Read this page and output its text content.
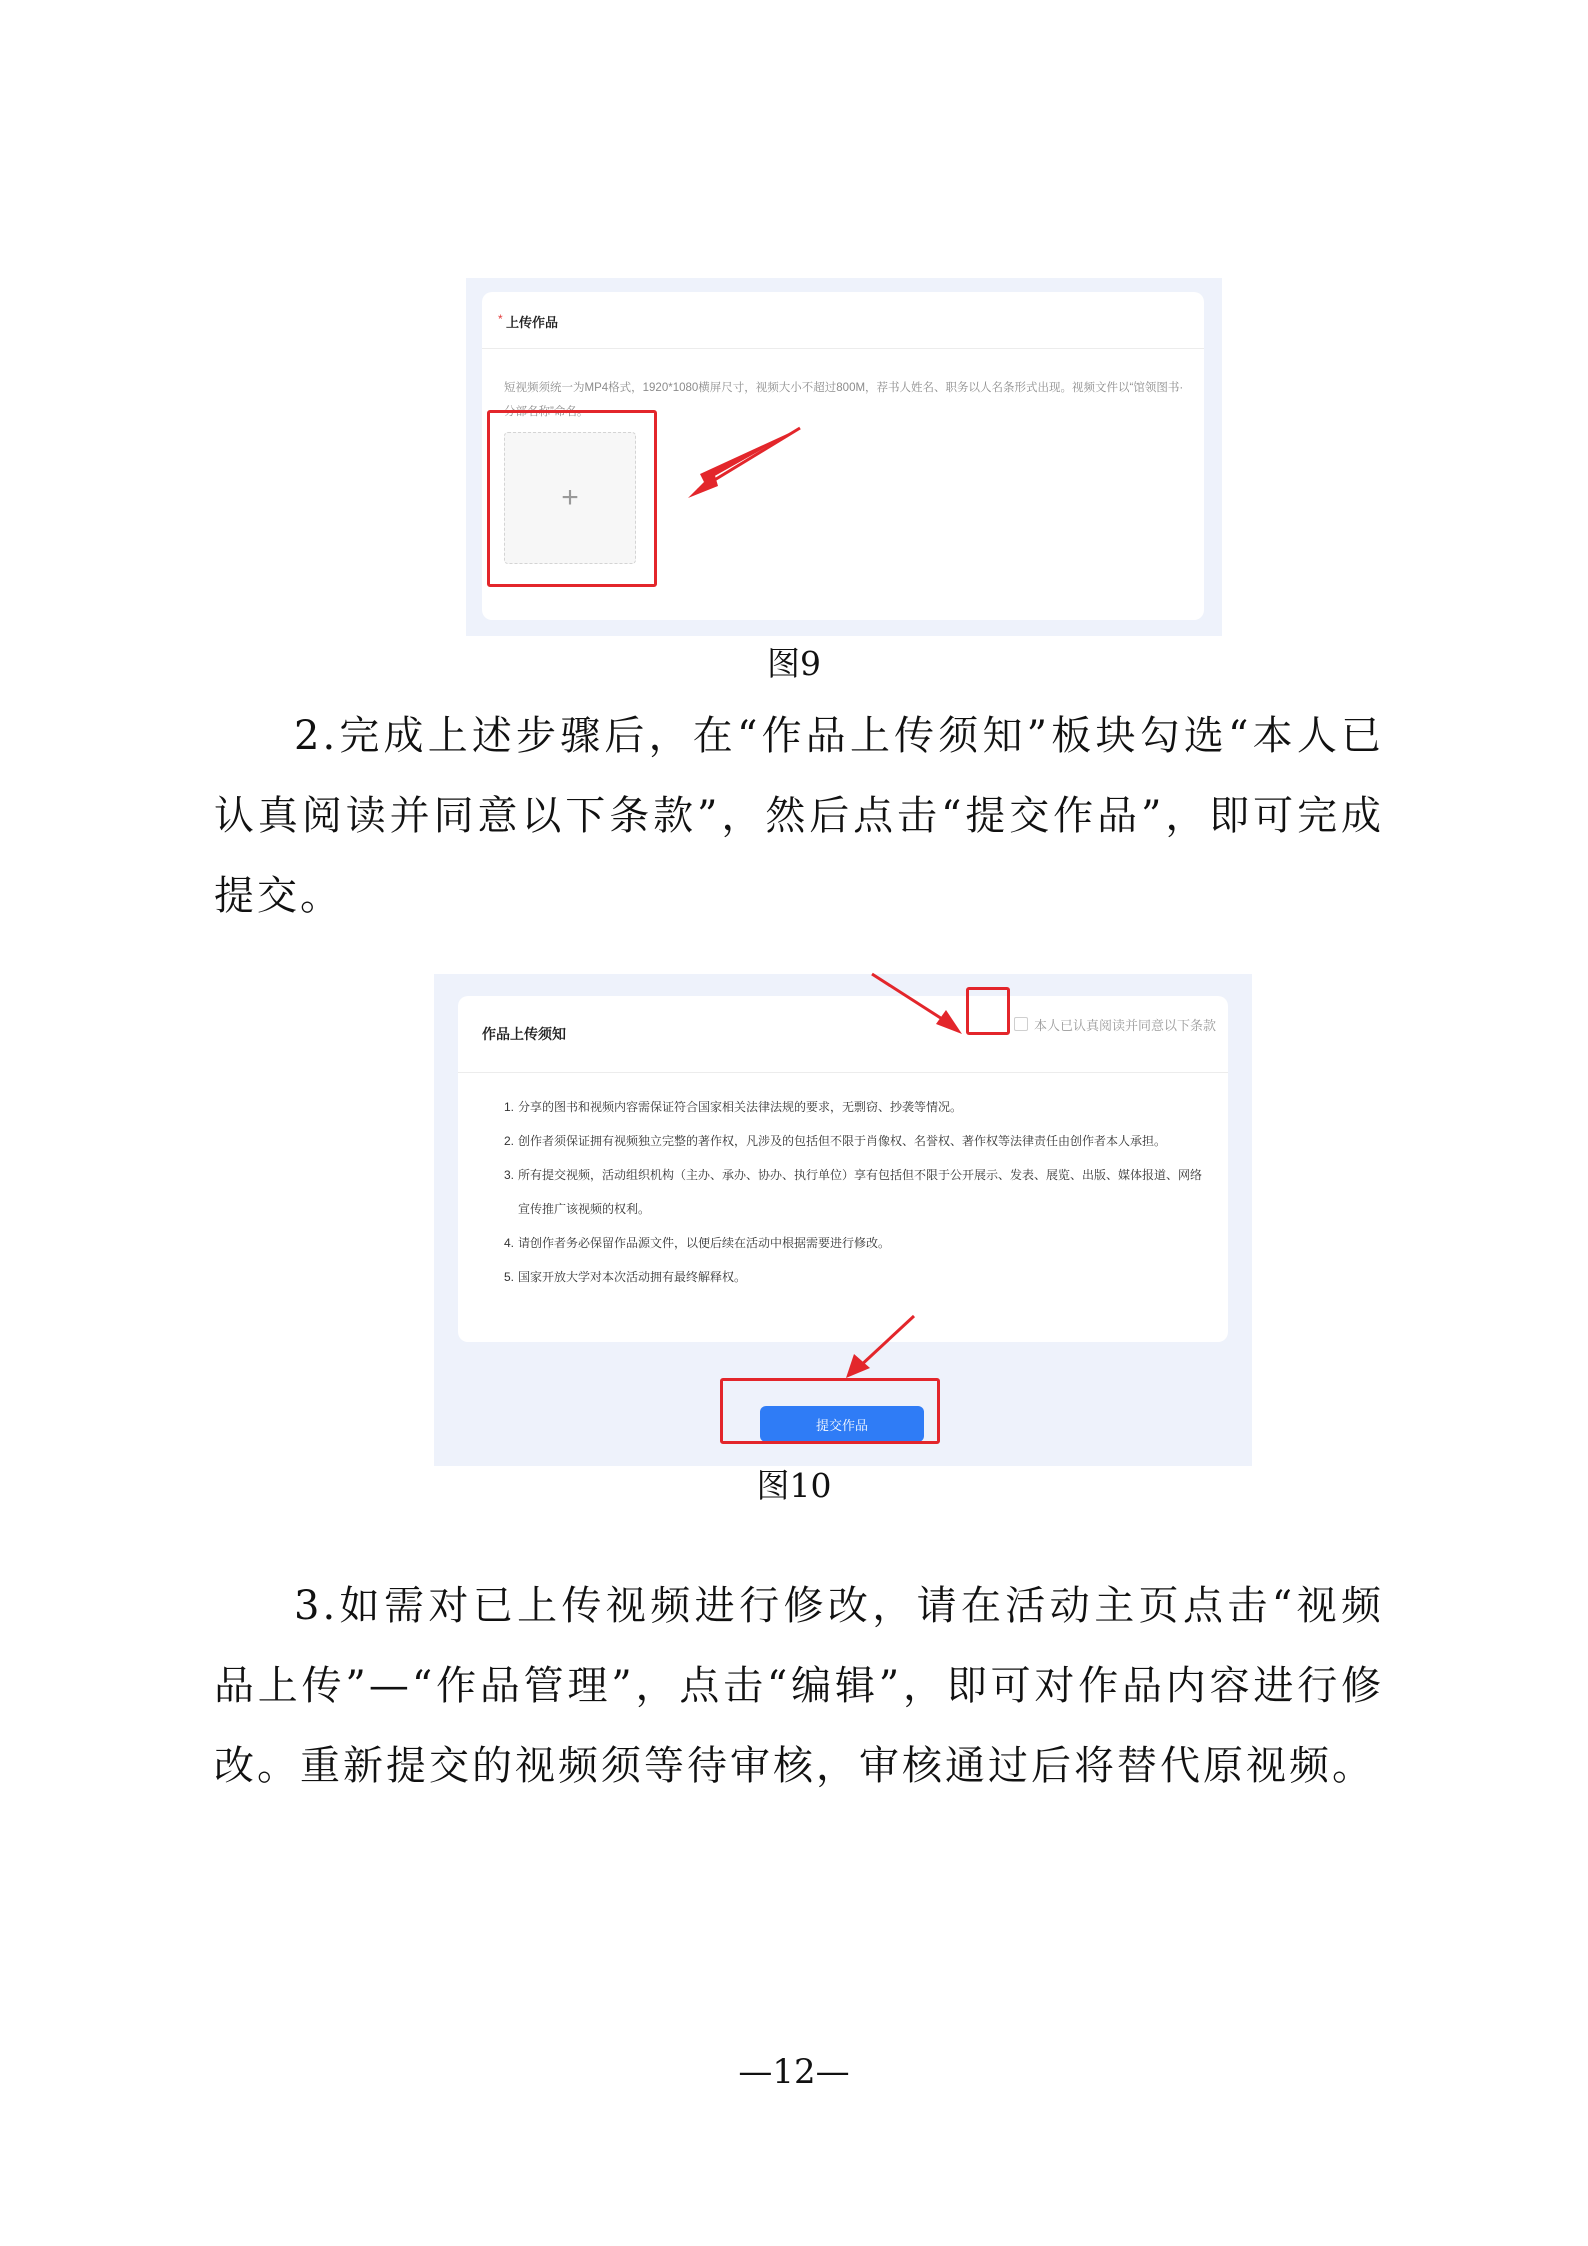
* 上传作品
短视频须统一为MP4格式，1920*1080横屏尺寸，视频大小不超过800M，荐书人姓名、职务以人名条形式出现。视频文件以“馆领图书·分部名称”命名。
+
图9
2.完成上述步骤后，在“作品上传须知”板块勾选“本人已认真阅读并同意以下条款”，然后点击“提交作品”，即可完成提交。
作品上传须知
本人已认真阅读并同意以下条款
1. 分享的图书和视频内容需保证符合国家相关法律法规的要求，无剽窃、抄袭等情况。
2. 创作者须保证拥有视频独立完整的著作权，凡涉及的包括但不限于肖像权、名誉权、著作权等法律责任由创作者本人承担。
3. 所有提交视频，活动组织机构（主办、承办、协办、执行单位）享有包括但不限于公开展示、发表、展览、出版、媒体报道、网络宣传推广该视频的权利。
4. 请创作者务必保留作品源文件，以便后续在活动中根据需要进行修改。
5. 国家开放大学对本次活动拥有最终解释权。
提交作品
图10
3.如需对已上传视频进行修改，请在活动主页点击“视频品上传”—“作品管理”，点击“编辑”，即可对作品内容进行修改。重新提交的视频须等待审核，审核通过后将替代原视频。
—12—
